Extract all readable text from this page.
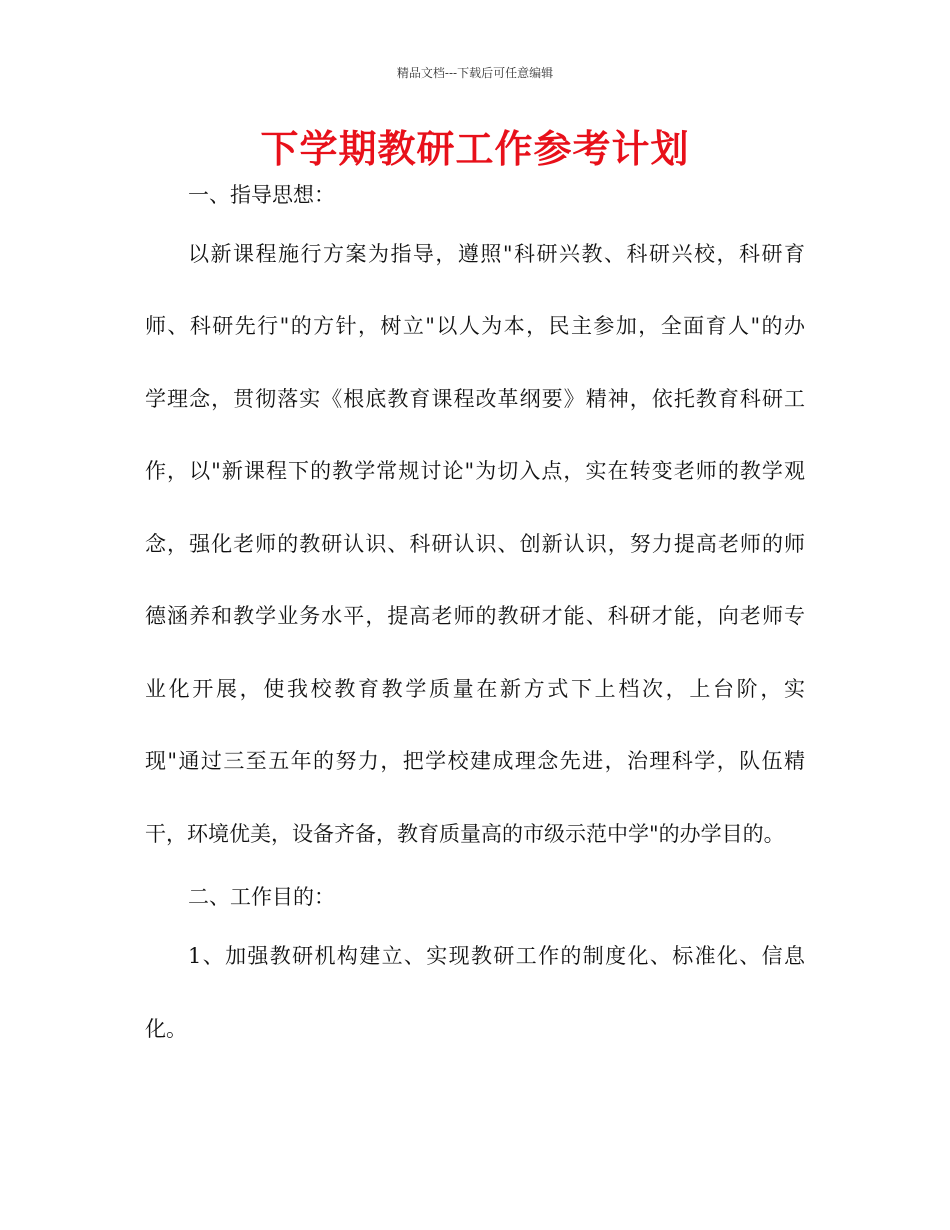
精品文档---下载后可任意编辑
下学期教研工作参考计划

一、指导思想：

以新课程施行方案为指导，遵照"科研兴教、科研兴校，科研育

师、科研先行"的方针，树立"以人为本，民主参加，全面育人"的办

学理念，贯彻落实《根底教育课程改革纲要》精神，依托教育科研工

作，以"新课程下的教学常规讨论"为切入点，实在转变老师的教学观

念，强化老师的教研认识、科研认识、创新认识，努力提高老师的师

德涵养和教学业务水平，提高老师的教研才能、科研才能，向老师专

业化开展，使我校教育教学质量在新方式下上档次，上台阶，实

现"通过三至五年的努力，把学校建成理念先进，治理科学，队伍精

干，环境优美，设备齐备，教育质量高的市级示范中学"的办学目的。

二、工作目的：

1、加强教研机构建立、实现教研工作的制度化、标准化、信息

化。
